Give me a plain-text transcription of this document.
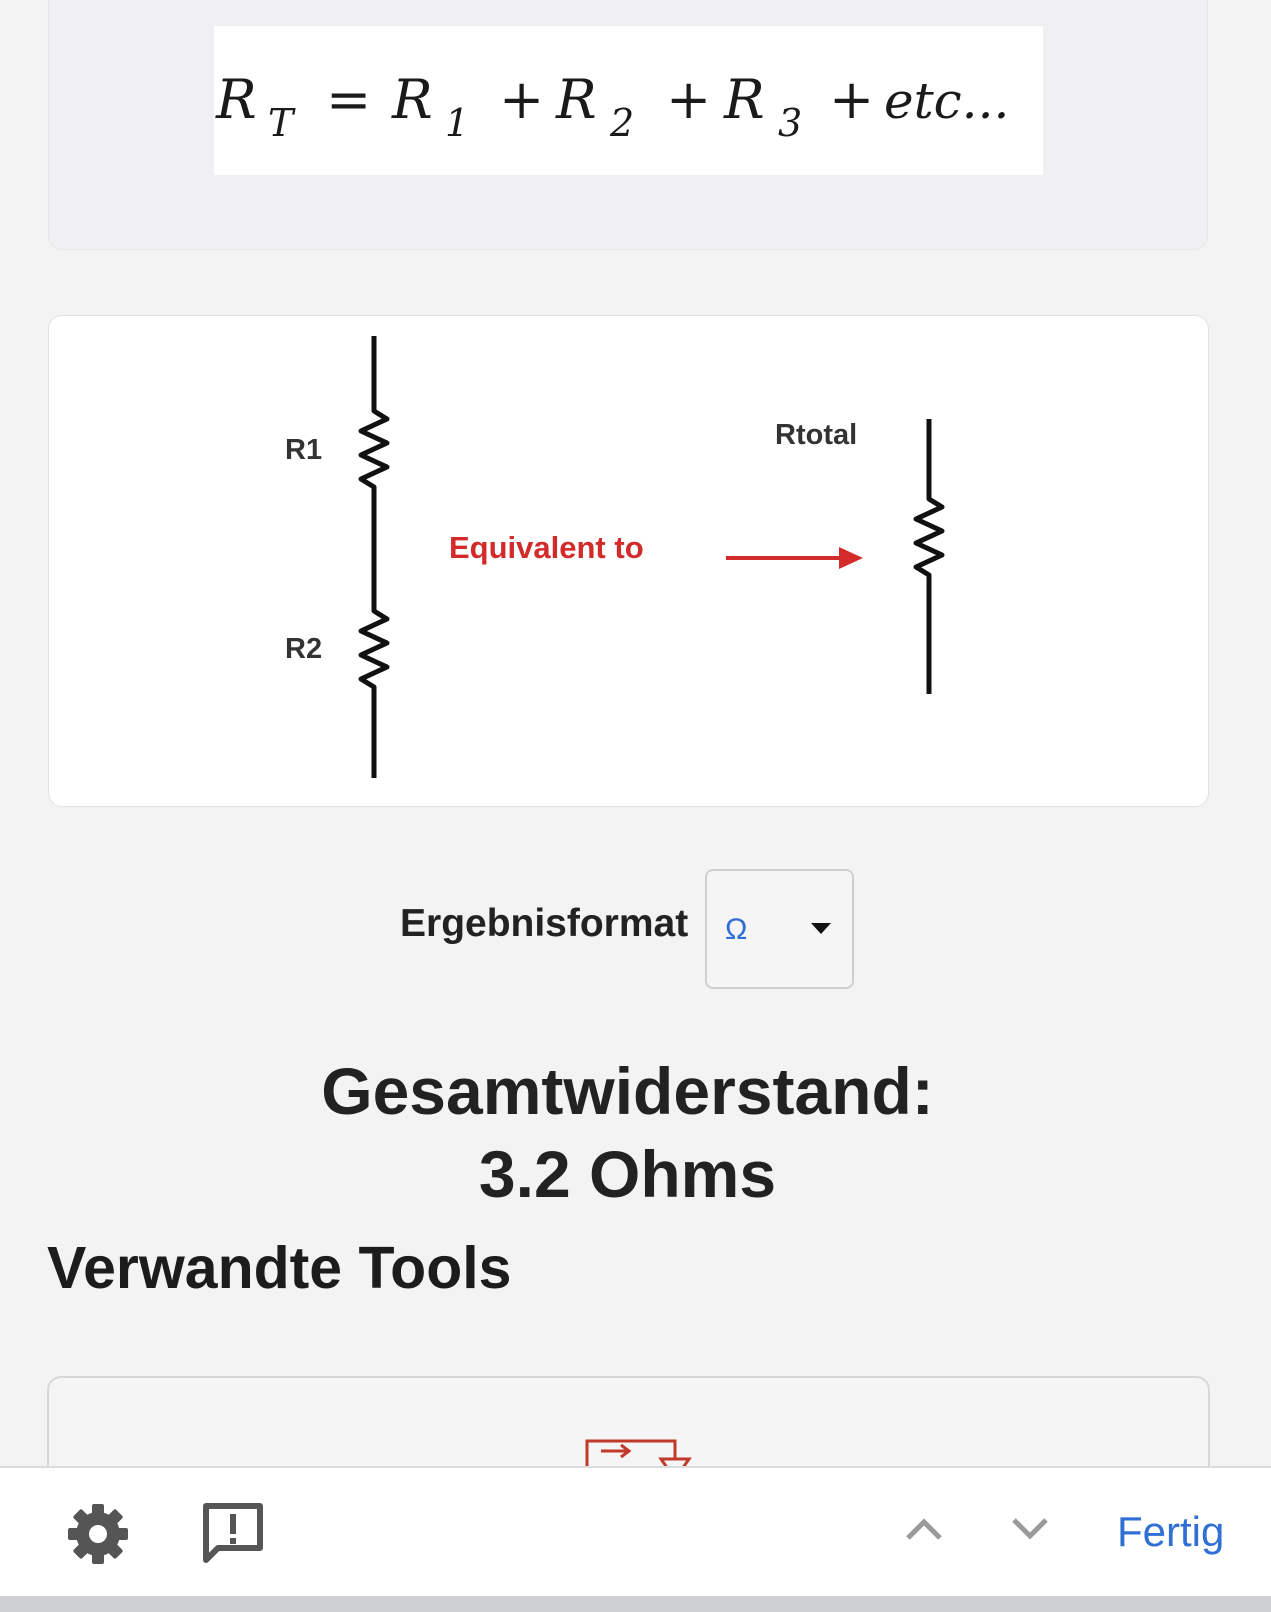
R T R 1 R 2 R 3 etc...
= + + +
R1
R2
Rtotal
Equivalent to
Ergebnisformat Ω
Gesamtwiderstand:
3.2 Ohms
Verwandte Tools
Fertig
